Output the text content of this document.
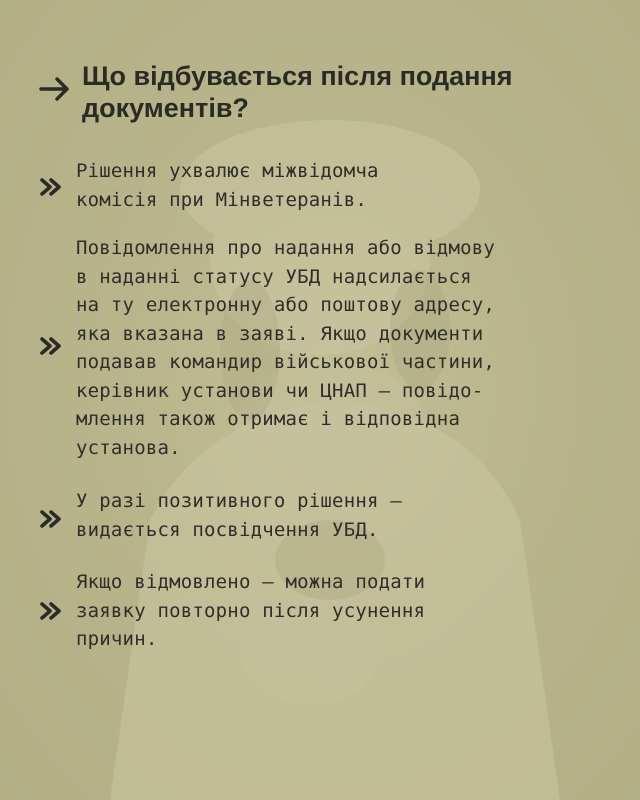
Що відбувається після подання
документів?
Рішення ухвалює міжвідомча
комісія при Мінветеранів.
Повідомлення про надання або відмову
в наданні статусу УБД надсилається
на ту електронну або поштову адресу,
яка вказана в заяві. Якщо документи
подавав командир військової частини,
керівник установи чи ЦНАП – повідо-
млення також отримає і відповідна
установа.
У разі позитивного рішення –
видається посвідчення УБД.
Якщо відмовлено – можна подати
заявку повторно після усунення
причин.
